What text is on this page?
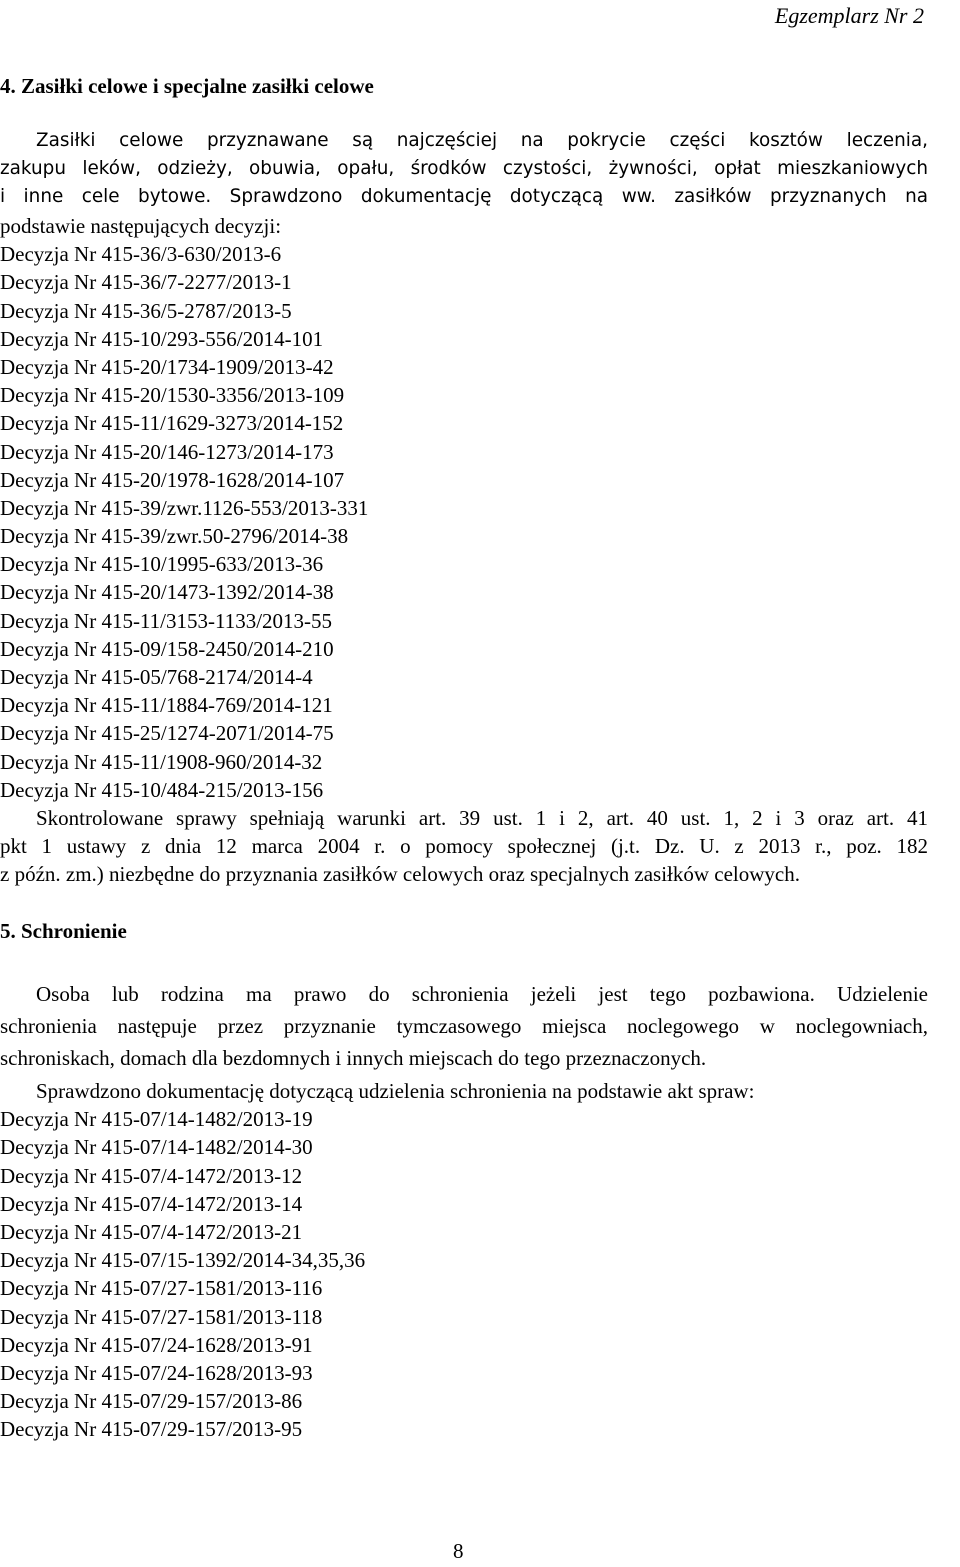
Egzemplarz Nr 2
4. Zasiłki celowe i specjalne zasiłki celowe
Zasiłki celowe przyznawane są najczęściej na pokrycie części kosztów leczenia,
zakupu leków, odzieży, obuwia, opału, środków czystości, żywności, opłat mieszkaniowych
i inne cele bytowe. Sprawdzono dokumentację dotyczącą ww. zasiłków przyznanych na
podstawie następujących decyzji:
Decyzja Nr 415-36/3-630/2013-6
Decyzja Nr 415-36/7-2277/2013-1
Decyzja Nr 415-36/5-2787/2013-5
Decyzja Nr 415-10/293-556/2014-101
Decyzja Nr 415-20/1734-1909/2013-42
Decyzja Nr 415-20/1530-3356/2013-109
Decyzja Nr 415-11/1629-3273/2014-152
Decyzja Nr 415-20/146-1273/2014-173
Decyzja Nr 415-20/1978-1628/2014-107
Decyzja Nr 415-39/zwr.1126-553/2013-331
Decyzja Nr 415-39/zwr.50-2796/2014-38
Decyzja Nr 415-10/1995-633/2013-36
Decyzja Nr 415-20/1473-1392/2014-38
Decyzja Nr 415-11/3153-1133/2013-55
Decyzja Nr 415-09/158-2450/2014-210
Decyzja Nr 415-05/768-2174/2014-4
Decyzja Nr 415-11/1884-769/2014-121
Decyzja Nr 415-25/1274-2071/2014-75
Decyzja Nr 415-11/1908-960/2014-32
Decyzja Nr 415-10/484-215/2013-156
Skontrolowane sprawy spełniają warunki art. 39 ust. 1 i 2, art. 40 ust. 1, 2 i 3 oraz art. 41
pkt 1 ustawy z dnia 12 marca 2004 r. o pomocy społecznej (j.t. Dz. U. z 2013 r., poz. 182
z późn. zm.) niezbędne do przyznania zasiłków celowych oraz specjalnych zasiłków celowych.
5. Schronienie
Osoba lub rodzina ma prawo do schronienia jeżeli jest tego pozbawiona. Udzielenie
schronienia następuje przez przyznanie tymczasowego miejsca noclegowego w noclegowniach,
schroniskach, domach dla bezdomnych i innych miejscach do tego przeznaczonych.
Sprawdzono dokumentację dotyczącą udzielenia schronienia na podstawie akt spraw:
Decyzja Nr 415-07/14-1482/2013-19
Decyzja Nr 415-07/14-1482/2014-30
Decyzja Nr 415-07/4-1472/2013-12
Decyzja Nr 415-07/4-1472/2013-14
Decyzja Nr 415-07/4-1472/2013-21
Decyzja Nr 415-07/15-1392/2014-34,35,36
Decyzja Nr 415-07/27-1581/2013-116
Decyzja Nr 415-07/27-1581/2013-118
Decyzja Nr 415-07/24-1628/2013-91
Decyzja Nr 415-07/24-1628/2013-93
Decyzja Nr 415-07/29-157/2013-86
Decyzja Nr 415-07/29-157/2013-95
8
